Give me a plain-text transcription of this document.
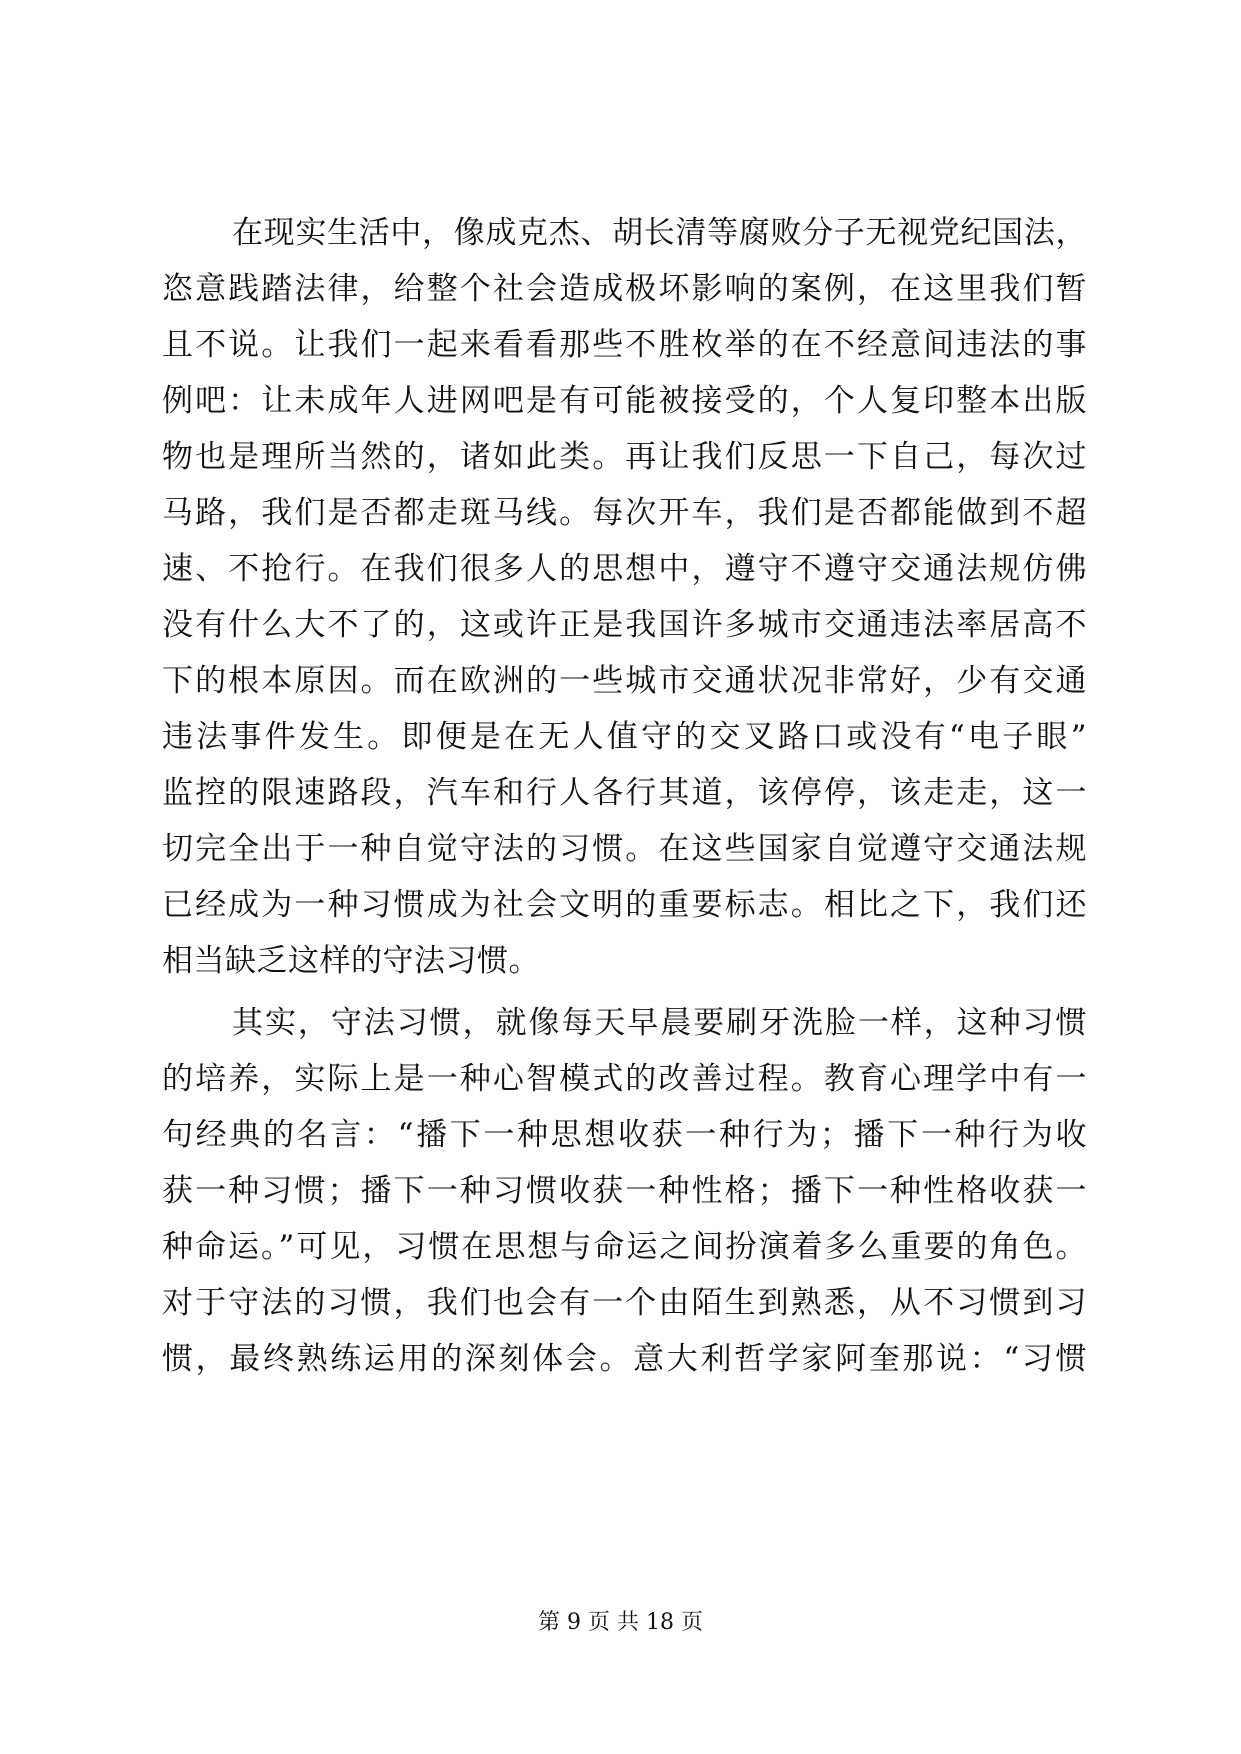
在现实生活中，像成克杰、胡长清等腐败分子无视党纪国法，
恣意践踏法律，给整个社会造成极坏影响的案例，在这里我们暂
且不说。让我们一起来看看那些不胜枚举的在不经意间违法的事
例吧：让未成年人进网吧是有可能被接受的，个人复印整本出版
物也是理所当然的，诸如此类。再让我们反思一下自己，每次过
马路，我们是否都走斑马线。每次开车，我们是否都能做到不超
速、不抢行。在我们很多人的思想中，遵守不遵守交通法规仿佛
没有什么大不了的，这或许正是我国许多城市交通违法率居高不
下的根本原因。而在欧洲的一些城市交通状况非常好，少有交通
违法事件发生。即便是在无人值守的交叉路口或没有“电子眼”
监控的限速路段，汽车和行人各行其道，该停停，该走走，这一
切完全出于一种自觉守法的习惯。在这些国家自觉遵守交通法规
已经成为一种习惯成为社会文明的重要标志。相比之下，我们还
相当缺乏这样的守法习惯。
其实，守法习惯，就像每天早晨要刷牙洗脸一样，这种习惯
的培养，实际上是一种心智模式的改善过程。教育心理学中有一
句经典的名言：“播下一种思想收获一种行为；播下一种行为收
获一种习惯；播下一种习惯收获一种性格；播下一种性格收获一
种命运。”可见，习惯在思想与命运之间扮演着多么重要的角色。
对于守法的习惯，我们也会有一个由陌生到熟悉，从不习惯到习
惯，最终熟练运用的深刻体会。意大利哲学家阿奎那说：“习惯
第 9 页 共 18 页
